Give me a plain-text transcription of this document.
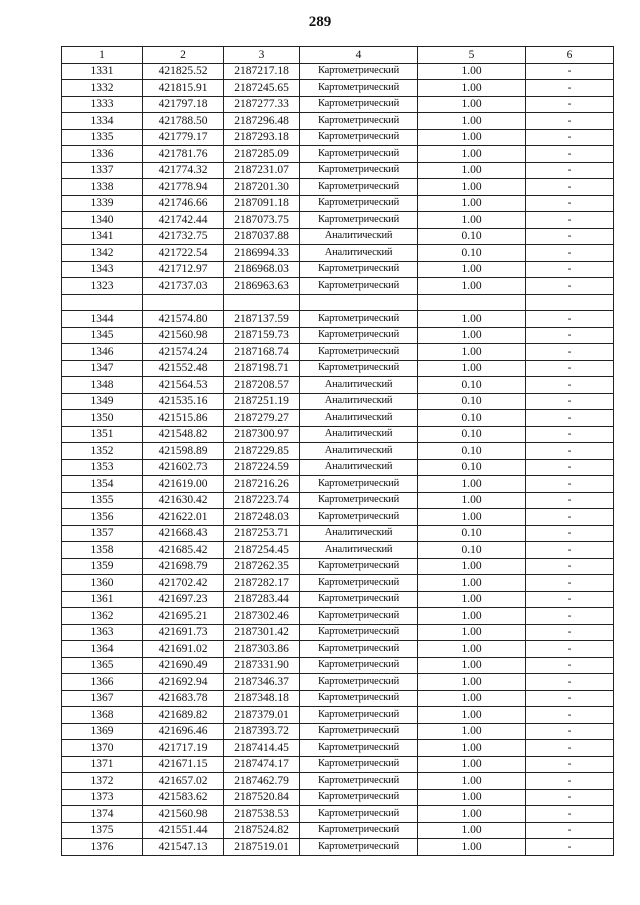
289
1	2	3	4	5	6
1331	421825.52	2187217.18	Картометрический	1.00	-
1332	421815.91	2187245.65	Картометрический	1.00	-
1333	421797.18	2187277.33	Картометрический	1.00	-
1334	421788.50	2187296.48	Картометрический	1.00	-
1335	421779.17	2187293.18	Картометрический	1.00	-
1336	421781.76	2187285.09	Картометрический	1.00	-
1337	421774.32	2187231.07	Картометрический	1.00	-
1338	421778.94	2187201.30	Картометрический	1.00	-
1339	421746.66	2187091.18	Картометрический	1.00	-
1340	421742.44	2187073.75	Картометрический	1.00	-
1341	421732.75	2187037.88	Аналитический	0.10	-
1342	421722.54	2186994.33	Аналитический	0.10	-
1343	421712.97	2186968.03	Картометрический	1.00	-
1323	421737.03	2186963.63	Картометрический	1.00	-

1344	421574.80	2187137.59	Картометрический	1.00	-
1345	421560.98	2187159.73	Картометрический	1.00	-
1346	421574.24	2187168.74	Картометрический	1.00	-
1347	421552.48	2187198.71	Картометрический	1.00	-
1348	421564.53	2187208.57	Аналитический	0.10	-
1349	421535.16	2187251.19	Аналитический	0.10	-
1350	421515.86	2187279.27	Аналитический	0.10	-
1351	421548.82	2187300.97	Аналитический	0.10	-
1352	421598.89	2187229.85	Аналитический	0.10	-
1353	421602.73	2187224.59	Аналитический	0.10	-
1354	421619.00	2187216.26	Картометрический	1.00	-
1355	421630.42	2187223.74	Картометрический	1.00	-
1356	421622.01	2187248.03	Картометрический	1.00	-
1357	421668.43	2187253.71	Аналитический	0.10	-
1358	421685.42	2187254.45	Аналитический	0.10	-
1359	421698.79	2187262.35	Картометрический	1.00	-
1360	421702.42	2187282.17	Картометрический	1.00	-
1361	421697.23	2187283.44	Картометрический	1.00	-
1362	421695.21	2187302.46	Картометрический	1.00	-
1363	421691.73	2187301.42	Картометрический	1.00	-
1364	421691.02	2187303.86	Картометрический	1.00	-
1365	421690.49	2187331.90	Картометрический	1.00	-
1366	421692.94	2187346.37	Картометрический	1.00	-
1367	421683.78	2187348.18	Картометрический	1.00	-
1368	421689.82	2187379.01	Картометрический	1.00	-
1369	421696.46	2187393.72	Картометрический	1.00	-
1370	421717.19	2187414.45	Картометрический	1.00	-
1371	421671.15	2187474.17	Картометрический	1.00	-
1372	421657.02	2187462.79	Картометрический	1.00	-
1373	421583.62	2187520.84	Картометрический	1.00	-
1374	421560.98	2187538.53	Картометрический	1.00	-
1375	421551.44	2187524.82	Картометрический	1.00	-
1376	421547.13	2187519.01	Картометрический	1.00	-
